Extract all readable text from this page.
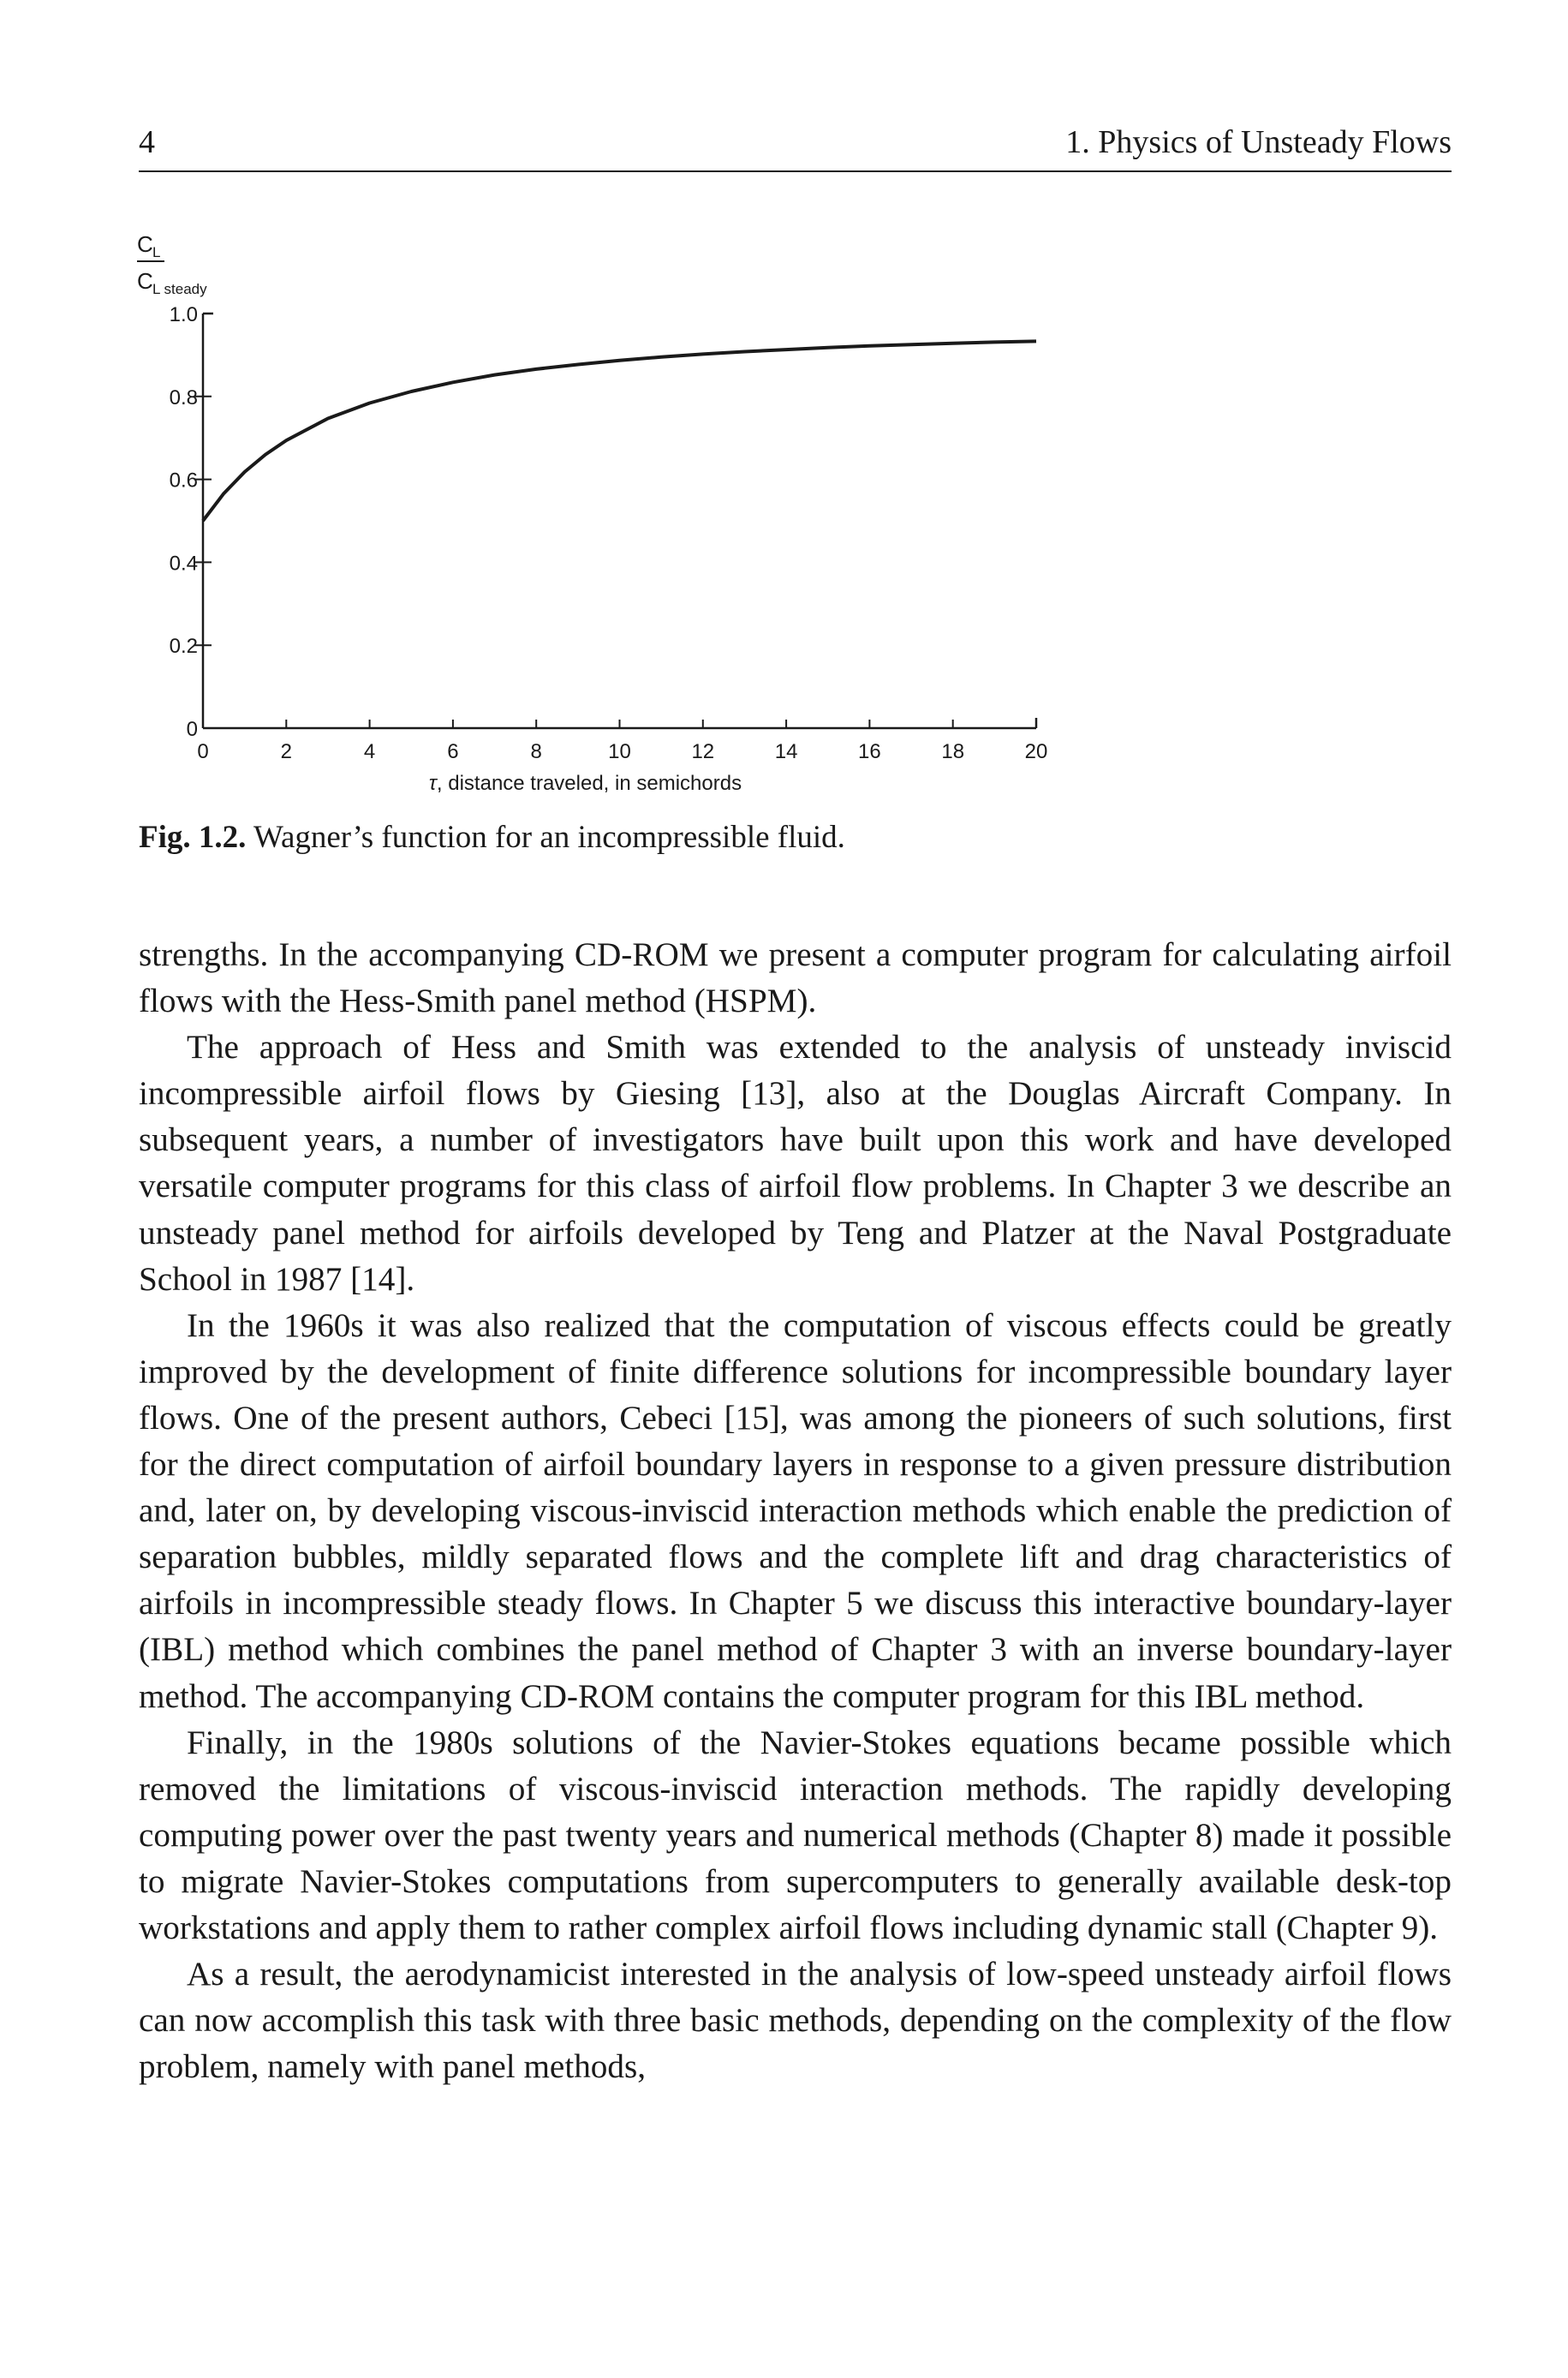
4	1. Physics of Unsteady Flows
C L
C L steady
0
0.2
0.4
0.6
0.8
1.0
0	2	4	6	8	10	12	14	16	18	20
τ, distance traveled, in semichords
Fig. 1.2. Wagner’s function for an incompressible fluid.

strengths. In the accompanying CD-ROM we present a computer program for calculating airfoil flows with the Hess-Smith panel method (HSPM).

The approach of Hess and Smith was extended to the analysis of unsteady inviscid incompressible airfoil flows by Giesing [13], also at the Douglas Aircraft Company. In subsequent years, a number of investigators have built upon this work and have developed versatile computer programs for this class of airfoil flow problems. In Chapter 3 we describe an unsteady panel method for airfoils developed by Teng and Platzer at the Naval Postgraduate School in 1987 [14].

In the 1960s it was also realized that the computation of viscous effects could be greatly improved by the development of finite difference solutions for incompressible boundary layer flows. One of the present authors, Cebeci [15], was among the pioneers of such solutions, first for the direct computation of airfoil boundary layers in response to a given pressure distribution and, later on, by developing viscous-inviscid interaction methods which enable the prediction of separation bubbles, mildly separated flows and the complete lift and drag characteristics of airfoils in incompressible steady flows. In Chapter 5 we discuss this interactive boundary-layer (IBL) method which combines the panel method of Chapter 3 with an inverse boundary-layer method. The accompanying CD-ROM contains the computer program for this IBL method.

Finally, in the 1980s solutions of the Navier-Stokes equations became possible which removed the limitations of viscous-inviscid interaction methods. The rapidly developing computing power over the past twenty years and numerical methods (Chapter 8) made it possible to migrate Navier-Stokes computations from supercomputers to generally available desk-top workstations and apply them to rather complex airfoil flows including dynamic stall (Chapter 9).

As a result, the aerodynamicist interested in the analysis of low-speed unsteady airfoil flows can now accomplish this task with three basic methods, depending on the complexity of the flow problem, namely with panel methods,
